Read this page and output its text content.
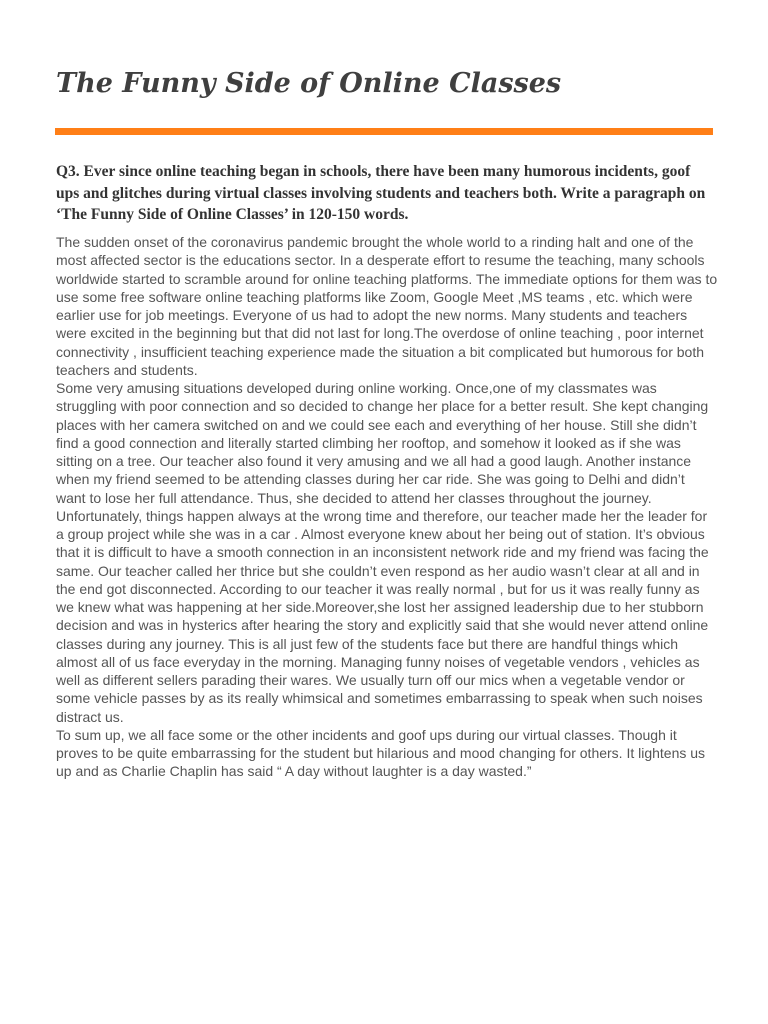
The Funny Side of Online Classes

Q3. Ever since online teaching began in schools, there have been many humorous incidents, goof ups and glitches during virtual classes involving students and teachers both. Write a paragraph on ‘The Funny Side of Online Classes’ in 120-150 words.

The sudden onset of the coronavirus pandemic brought the whole world to a rinding halt and one of the most affected sector is the educations sector. In a desperate effort to resume the teaching, many schools worldwide started to scramble around for online teaching platforms. The immediate options for them was to use some free software online teaching platforms like Zoom, Google Meet ,MS teams , etc. which were earlier use for job meetings. Everyone of us had to adopt the new norms. Many students and teachers were excited in the beginning but that did not last for long.The overdose of online teaching , poor internet connectivity , insufficient teaching experience made the situation a bit complicated but humorous for both teachers and students.
Some very amusing situations developed during online working. Once,one of my classmates was struggling with poor connection and so decided to change her place for a better result. She kept changing places with her camera switched on and we could see each and everything of her house. Still she didn’t find a good connection and literally started climbing her rooftop, and somehow it looked as if she was sitting on a tree. Our teacher also found it very amusing and we all had a good laugh. Another instance when my friend seemed to be attending classes during her car ride. She was going to Delhi and didn’t want to lose her full attendance. Thus, she decided to attend her classes throughout the journey. Unfortunately, things happen always at the wrong time and therefore, our teacher made her the leader for a group project while she was in a car . Almost everyone knew about her being out of station. It’s obvious that it is difficult to have a smooth connection in an inconsistent network ride and my friend was facing the same. Our teacher called her thrice but she couldn’t even respond as her audio wasn’t clear at all and in the end got disconnected. According to our teacher it was really normal , but for us it was really funny as we knew what was happening at her side.Moreover,she lost her assigned leadership due to her stubborn decision and was in hysterics after hearing the story and explicitly said that she would never attend online classes during any journey. This is all just few of the students face but there are handful things which almost all of us face everyday in the morning. Managing funny noises of vegetable vendors , vehicles as well as different sellers parading their wares. We usually turn off our mics when a vegetable vendor or some vehicle passes by as its really whimsical and sometimes embarrassing to speak when such noises distract us.
To sum up, we all face some or the other incidents and goof ups during our virtual classes. Though it proves to be quite embarrassing for the student but hilarious and mood changing for others. It lightens us up and as Charlie Chaplin has said “ A day without laughter is a day wasted.”
